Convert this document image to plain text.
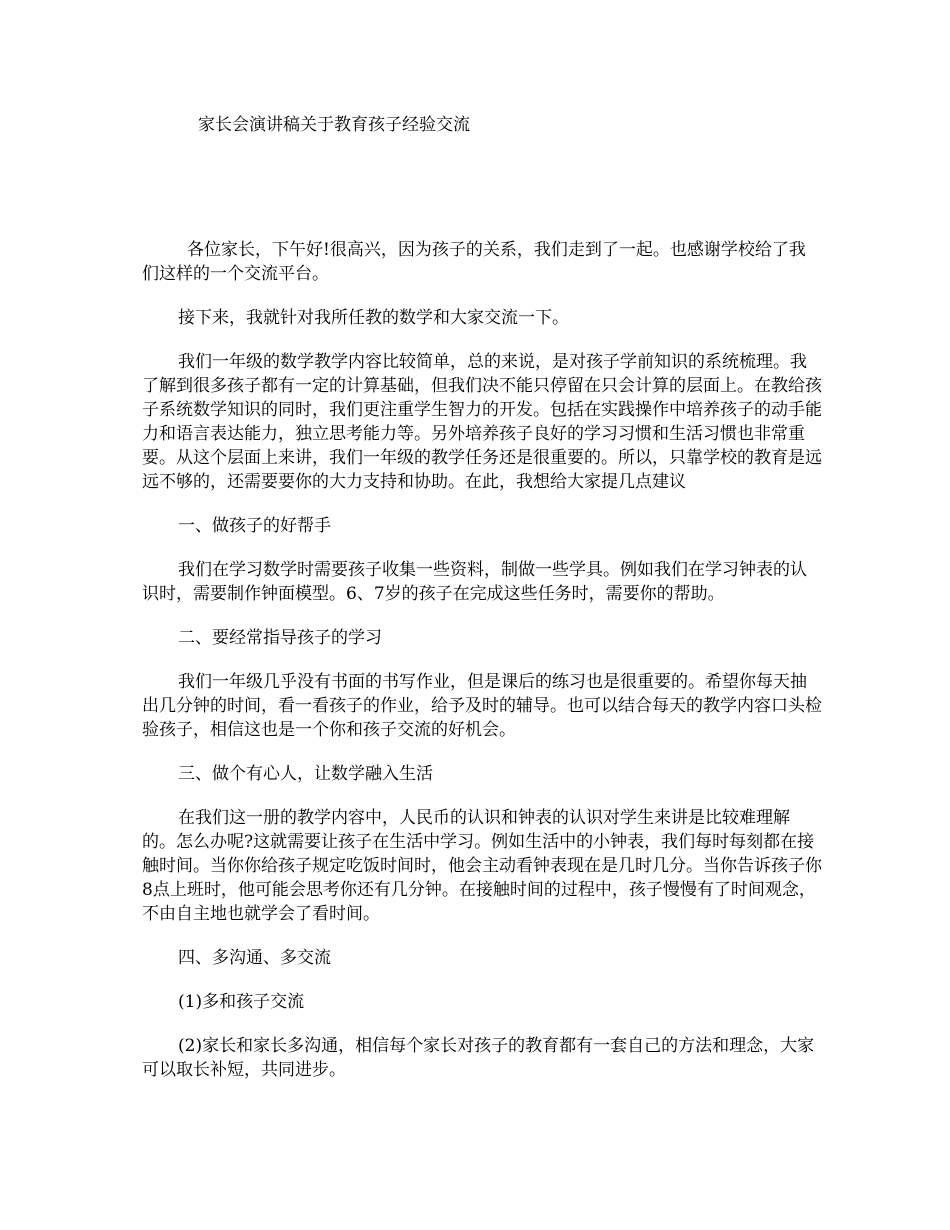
家长会演讲稿关于教育孩子经验交流

各位家长，下午好!很高兴，因为孩子的关系，我们走到了一起。也感谢学校给了我们这样的一个交流平台。

接下来，我就针对我所任教的数学和大家交流一下。

我们一年级的数学教学内容比较简单，总的来说，是对孩子学前知识的系统梳理。我了解到很多孩子都有一定的计算基础，但我们决不能只停留在只会计算的层面上。在教给孩子系统数学知识的同时，我们更注重学生智力的开发。包括在实践操作中培养孩子的动手能力和语言表达能力，独立思考能力等。另外培养孩子良好的学习习惯和生活习惯也非常重要。从这个层面上来讲，我们一年级的教学任务还是很重要的。所以，只靠学校的教育是远远不够的，还需要要你的大力支持和协助。在此，我想给大家提几点建议

一、做孩子的好帮手

我们在学习数学时需要孩子收集一些资料，制做一些学具。例如我们在学习钟表的认识时，需要制作钟面模型。6、7岁的孩子在完成这些任务时，需要你的帮助。

二、要经常指导孩子的学习

我们一年级几乎没有书面的书写作业，但是课后的练习也是很重要的。希望你每天抽出几分钟的时间，看一看孩子的作业，给予及时的辅导。也可以结合每天的教学内容口头检验孩子，相信这也是一个你和孩子交流的好机会。

三、做个有心人，让数学融入生活

在我们这一册的教学内容中，人民币的认识和钟表的认识对学生来讲是比较难理解的。怎么办呢?这就需要让孩子在生活中学习。例如生活中的小钟表，我们每时每刻都在接触时间。当你你给孩子规定吃饭时间时，他会主动看钟表现在是几时几分。当你告诉孩子你8点上班时，他可能会思考你还有几分钟。在接触时间的过程中，孩子慢慢有了时间观念，不由自主地也就学会了看时间。

四、多沟通、多交流

(1)多和孩子交流

(2)家长和家长多沟通，相信每个家长对孩子的教育都有一套自己的方法和理念，大家可以取长补短，共同进步。
